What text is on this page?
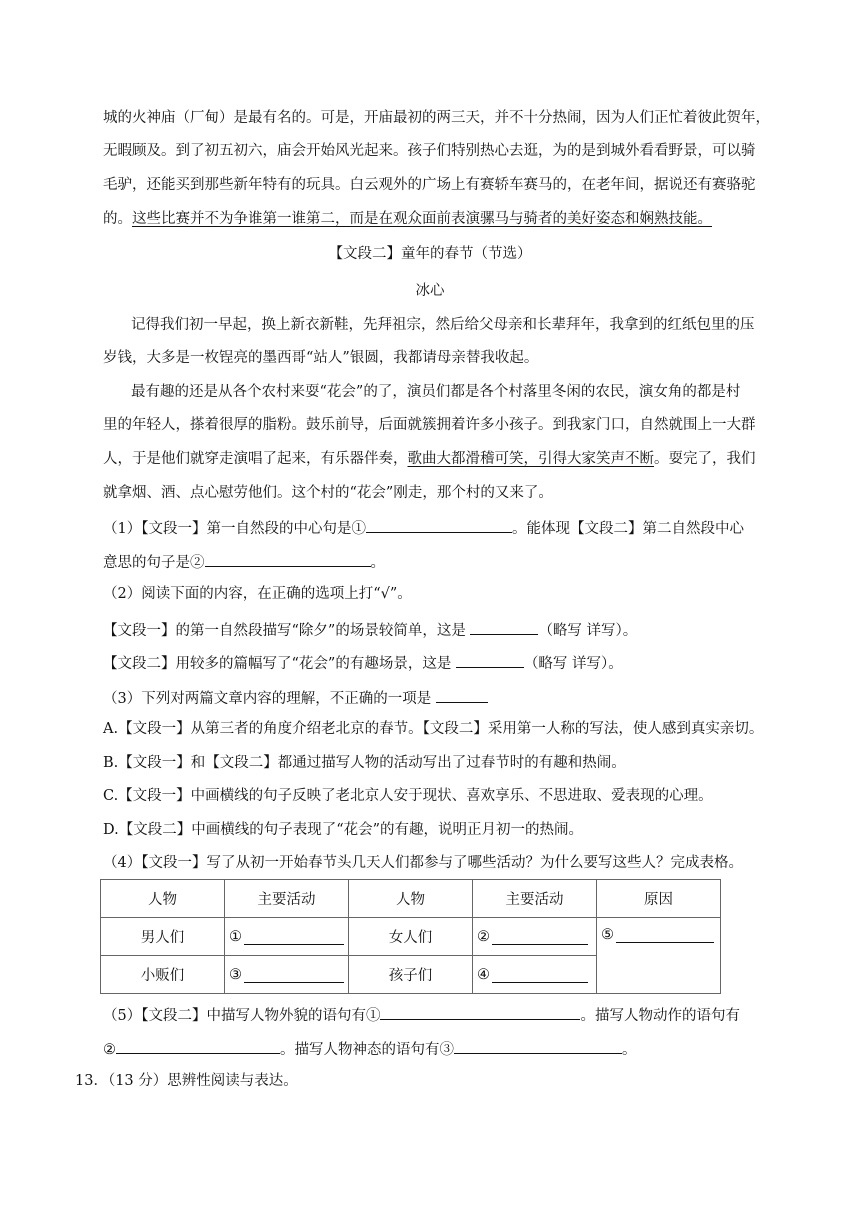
城的火神庙（厂甸）是最有名的。可是，开庙最初的两三天，并不十分热闹，因为人们正忙着彼此贺年，
无暇顾及。到了初五初六，庙会开始风光起来。孩子们特别热心去逛，为的是到城外看看野景，可以骑
毛驴，还能买到那些新年特有的玩具。白云观外的广场上有赛轿车赛马的，在老年间，据说还有赛骆驼
的。这些比赛并不为争谁第一谁第二，而是在观众面前表演骡马与骑者的美好姿态和娴熟技能。
【文段二】童年的春节（节选）
冰心
记得我们初一早起，换上新衣新鞋，先拜祖宗，然后给父母亲和长辈拜年，我拿到的红纸包里的压
岁钱，大多是一枚锃亮的墨西哥“站人”银圆，我都请母亲替我收起。
最有趣的还是从各个农村来耍“花会”的了，演员们都是各个村落里冬闲的农民，演女角的都是村
里的年轻人，搽着很厚的脂粉。鼓乐前导，后面就簇拥着许多小孩子。到我家门口，自然就围上一大群
人，于是他们就穿走演唱了起来，有乐器伴奏，歌曲大都滑稽可笑，引得大家笑声不断。耍完了，我们
就拿烟、酒、点心慰劳他们。这个村的“花会”刚走，那个村的又来了。
（1）【文段一】第一自然段的中心句是①	。能体现【文段二】第二自然段中心
意思的句子是②	。
（2）阅读下面的内容，在正确的选项上打“√”。
【文段一】的第一自然段描写“除夕”的场景较简单，这是	（略写 详写）。
【文段二】用较多的篇幅写了“花会”的有趣场景，这是	（略写 详写）。
（3）下列对两篇文章内容的理解，不正确的一项是
A.【文段一】从第三者的角度介绍老北京的春节。【文段二】采用第一人称的写法，使人感到真实亲切。
B.【文段一】和【文段二】都通过描写人物的活动写出了过春节时的有趣和热闹。
C.【文段一】中画横线的句子反映了老北京人安于现状、喜欢享乐、不思进取、爱表现的心理。
D.【文段二】中画横线的句子表现了“花会”的有趣，说明正月初一的热闹。
（4）【文段一】写了从初一开始春节头几天人们都参与了哪些活动？为什么要写这些人？完成表格。
人物	主要活动	人物	主要活动	原因
男人们	①	女人们	②	⑤
小贩们	③	孩子们	④	
（5）【文段二】中描写人物外貌的语句有①	。描写人物动作的语句有
②	。描写人物神态的语句有③	。
13．（13 分）思辨性阅读与表达。
